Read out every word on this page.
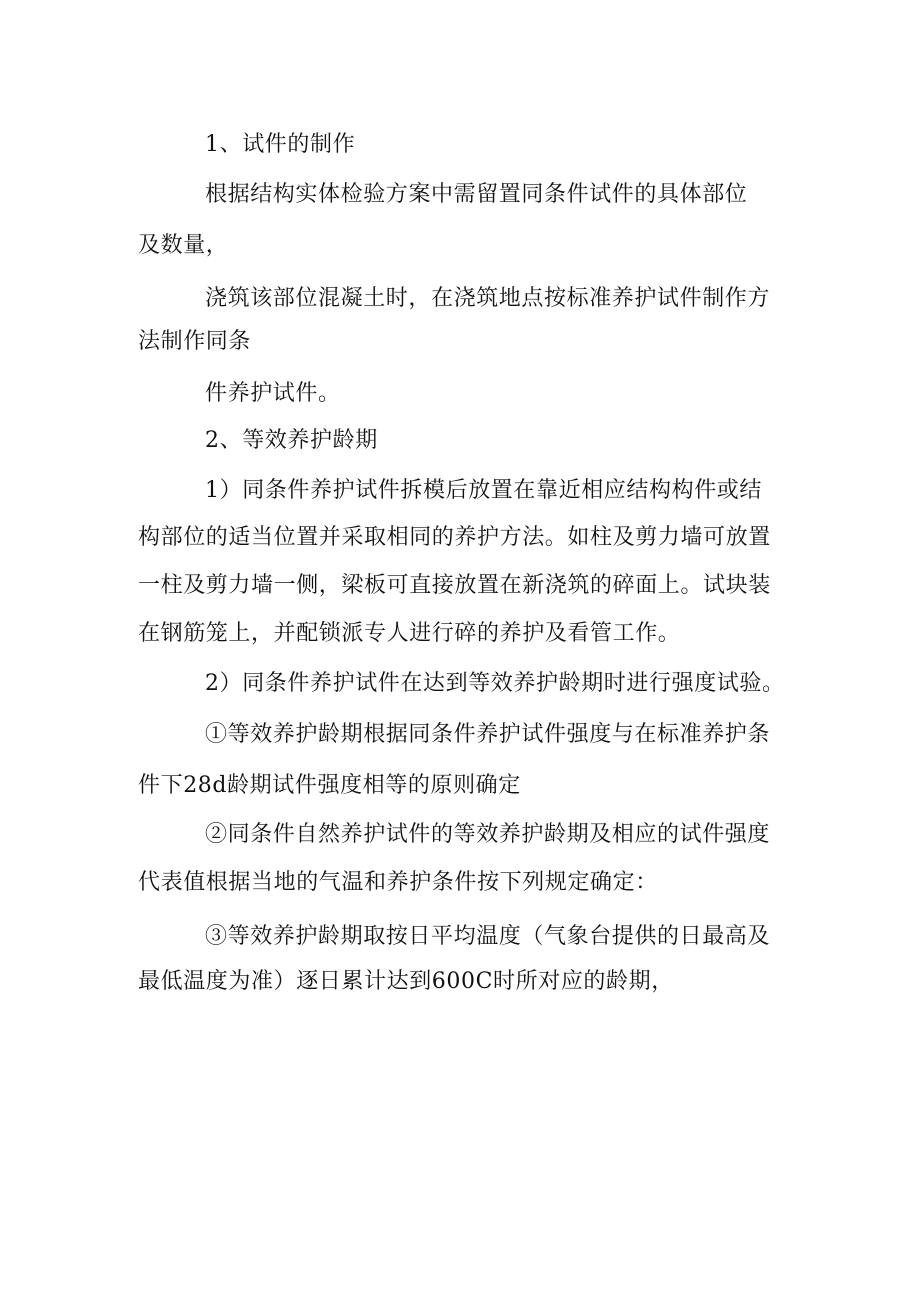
1、试件的制作
根据结构实体检验方案中需留置同条件试件的具体部位
及数量，
浇筑该部位混凝土时，在浇筑地点按标准养护试件制作方
法制作同条
件养护试件。
2、等效养护龄期
1）同条件养护试件拆模后放置在靠近相应结构构件或结
构部位的适当位置并采取相同的养护方法。如柱及剪力墙可放置
一柱及剪力墙一侧，梁板可直接放置在新浇筑的碎面上。试块装
在钢筋笼上，并配锁派专人进行碎的养护及看管工作。
2）同条件养护试件在达到等效养护龄期时进行强度试验。
①等效养护龄期根据同条件养护试件强度与在标准养护条
件下28d龄期试件强度相等的原则确定
②同条件自然养护试件的等效养护龄期及相应的试件强度
代表值根据当地的气温和养护条件按下列规定确定：
③等效养护龄期取按日平均温度（气象台提供的日最高及
最低温度为准）逐日累计达到600C时所对应的龄期，
